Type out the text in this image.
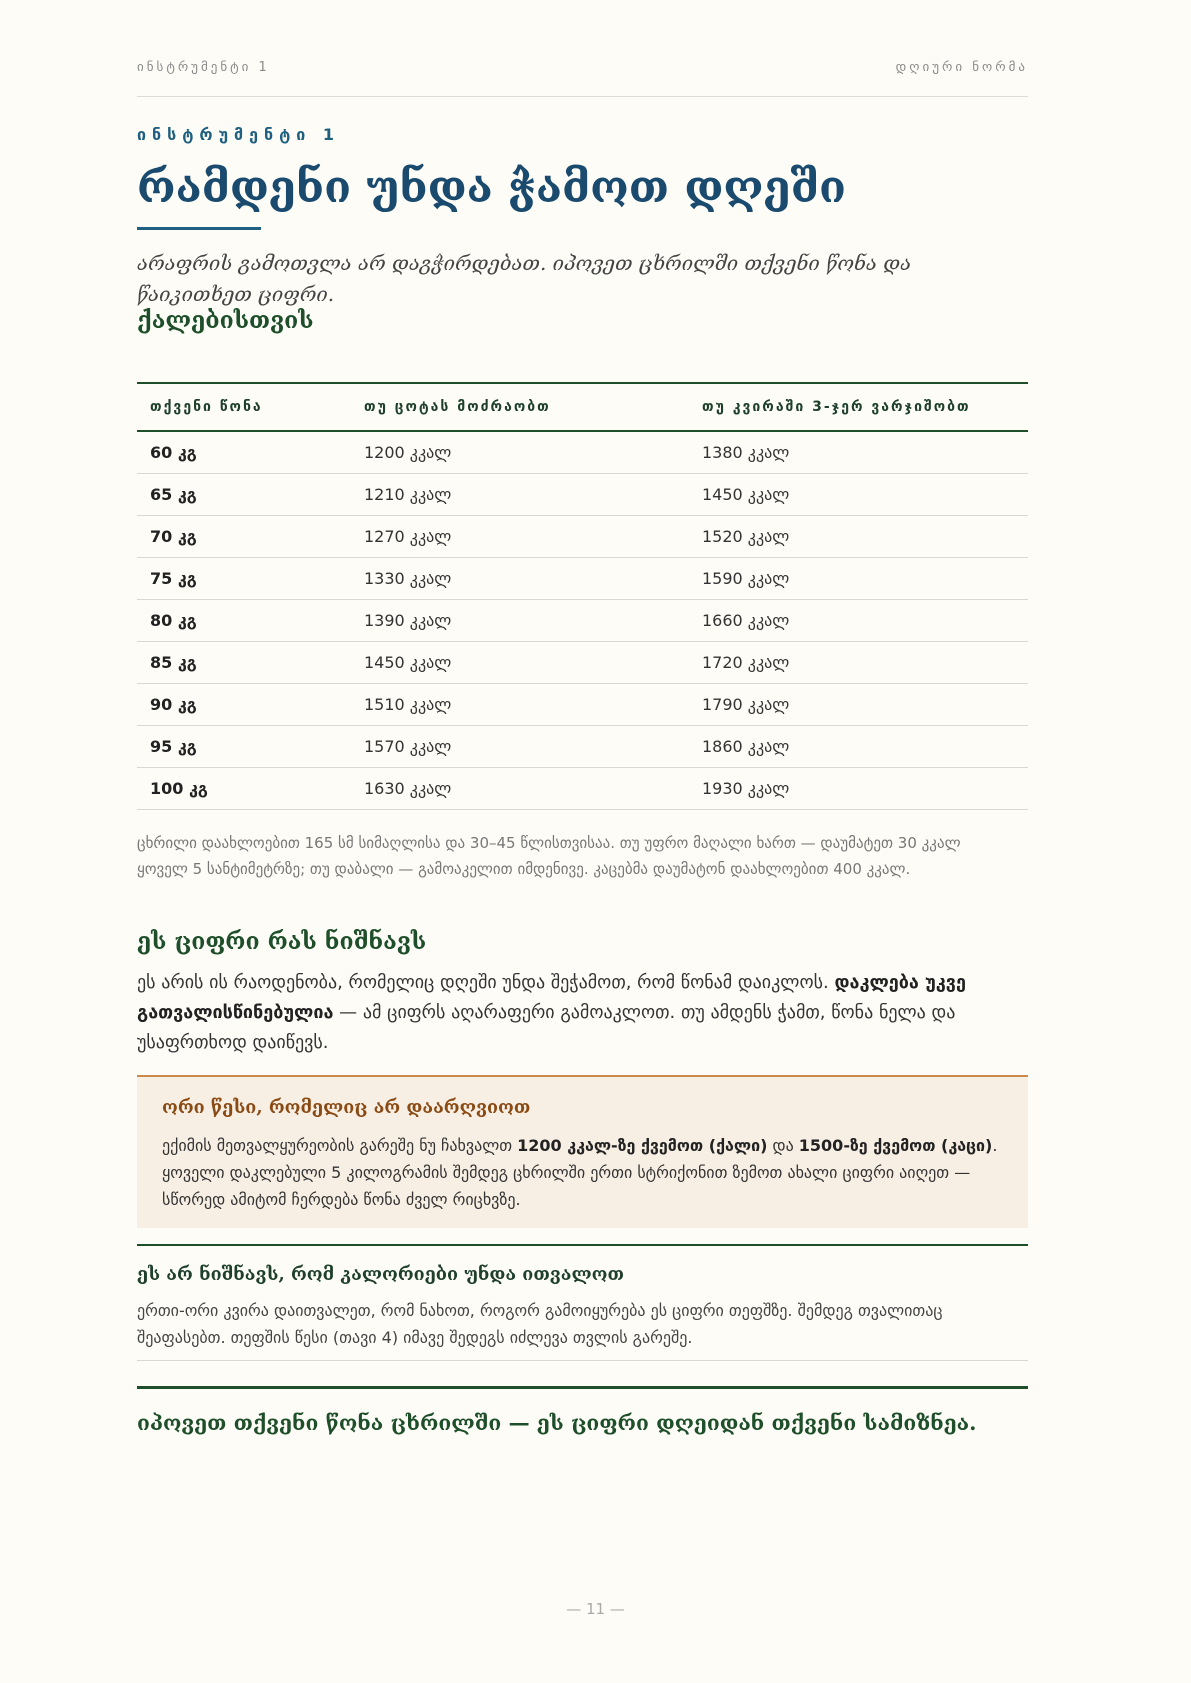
ინსტრუმენტი 1	დღიური ნორმა
ინსტრუმენტი 1
რამდენი უნდა ჭამოთ დღეში
არაფრის გამოთვლა არ დაგჭირდებათ. იპოვეთ ცხრილში თქვენი წონა და წაიკითხეთ ციფრი.
ქალებისთვის
თქვენი წონა	თუ ცოტას მოძრაობთ	თუ კვირაში 3-ჯერ ვარჯიშობთ
60 კგ	1200 კკალ	1380 კკალ
65 კგ	1210 კკალ	1450 კკალ
70 კგ	1270 კკალ	1520 კკალ
75 კგ	1330 კკალ	1590 კკალ
80 კგ	1390 კკალ	1660 კკალ
85 კგ	1450 კკალ	1720 კკალ
90 კგ	1510 კკალ	1790 კკალ
95 კგ	1570 კკალ	1860 კკალ
100 კგ	1630 კკალ	1930 კკალ
ცხრილი დაახლოებით 165 სმ სიმაღლისა და 30–45 წლისთვისაა. თუ უფრო მაღალი ხართ — დაუმატეთ 30 კკალ ყოველ 5 სანტიმეტრზე; თუ დაბალი — გამოაკელით იმდენივე. კაცებმა დაუმატონ დაახლოებით 400 კკალ.
ეს ციფრი რას ნიშნავს
ეს არის ის რაოდენობა, რომელიც დღეში უნდა შეჭამოთ, რომ წონამ დაიკლოს. დაკლება უკვე გათვალისწინებულია — ამ ციფრს აღარაფერი გამოაკლოთ. თუ ამდენს ჭამთ, წონა ნელა და უსაფრთხოდ დაიწევს.
ორი წესი, რომელიც არ დაარღვიოთ
ექიმის მეთვალყურეობის გარეშე ნუ ჩახვალთ 1200 კკალ-ზე ქვემოთ (ქალი) და 1500-ზე ქვემოთ (კაცი). ყოველი დაკლებული 5 კილოგრამის შემდეგ ცხრილში ერთი სტრიქონით ზემოთ ახალი ციფრი აიღეთ — სწორედ ამიტომ ჩერდება წონა ძველ რიცხვზე.
ეს არ ნიშნავს, რომ კალორიები უნდა ითვალოთ
ერთი-ორი კვირა დაითვალეთ, რომ ნახოთ, როგორ გამოიყურება ეს ციფრი თეფშზე. შემდეგ თვალითაც შეაფასებთ. თეფშის წესი (თავი 4) იმავე შედეგს იძლევა თვლის გარეშე.
იპოვეთ თქვენი წონა ცხრილში — ეს ციფრი დღეიდან თქვენი სამიზნეა.
— 11 —
